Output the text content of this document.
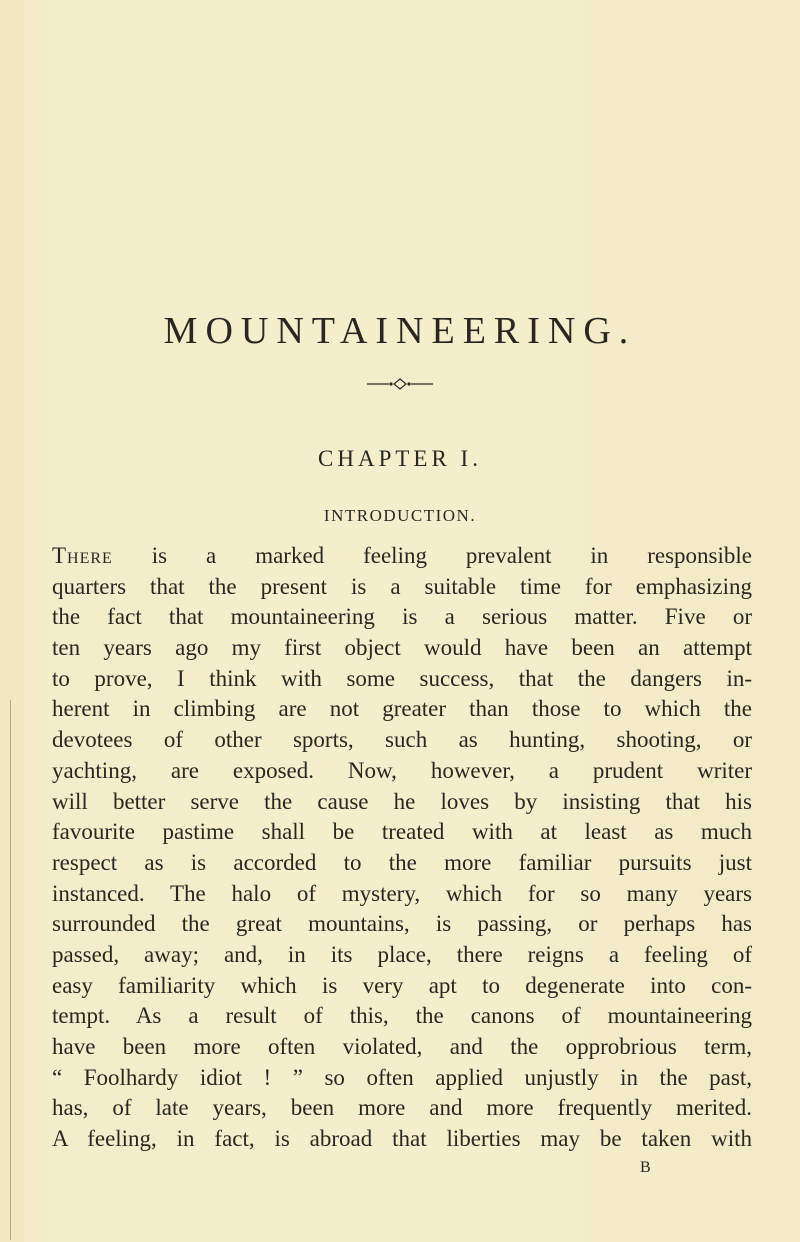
MOUNTAINEERING.
CHAPTER I.
INTRODUCTION.
There is a marked feeling prevalent in responsible
quarters that the present is a suitable time for emphasizing
the fact that mountaineering is a serious matter. Five or
ten years ago my first object would have been an attempt
to prove, I think with some success, that the dangers in-
herent in climbing are not greater than those to which the
devotees of other sports, such as hunting, shooting, or
yachting, are exposed. Now, however, a prudent writer
will better serve the cause he loves by insisting that his
favourite pastime shall be treated with at least as much
respect as is accorded to the more familiar pursuits just
instanced. The halo of mystery, which for so many years
surrounded the great mountains, is passing, or perhaps has
passed, away; and, in its place, there reigns a feeling of
easy familiarity which is very apt to degenerate into con-
tempt. As a result of this, the canons of mountaineering
have been more often violated, and the opprobrious term,
“ Foolhardy idiot ! ” so often applied unjustly in the past,
has, of late years, been more and more frequently merited.
A feeling, in fact, is abroad that liberties may be taken with
B
